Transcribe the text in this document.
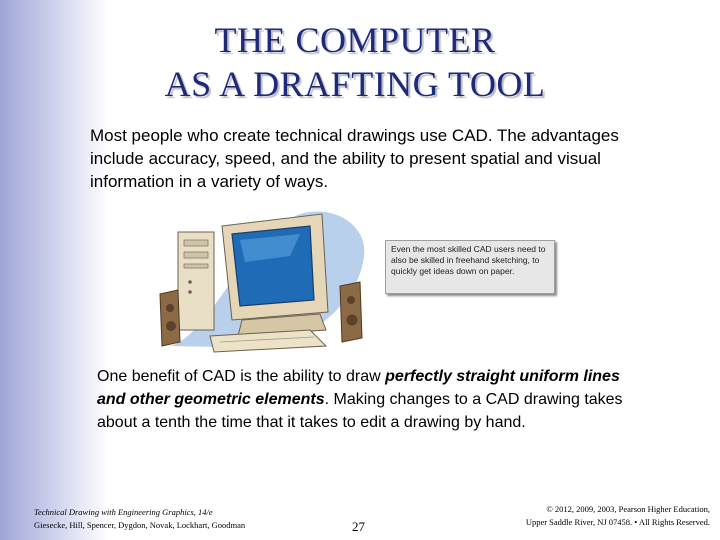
THE COMPUTER
AS A DRAFTING TOOL
Most people who create technical drawings use CAD. The advantages include accuracy, speed, and the ability to present spatial and visual information in a variety of ways.
Even the most skilled CAD users need to also be skilled in freehand sketching, to quickly get ideas down on paper.
One benefit of CAD is the ability to draw perfectly straight uniform lines and other geometric elements. Making changes to a CAD drawing takes about a tenth the time that it takes to edit a drawing by hand.
Technical Drawing with Engineering Graphics, 14/e
Giesecke, Hill, Spencer, Dygdon, Novak, Lockhart, Goodman	27
© 2012, 2009, 2003, Pearson Higher Education,
Upper Saddle River, NJ 07458. • All Rights Reserved.
